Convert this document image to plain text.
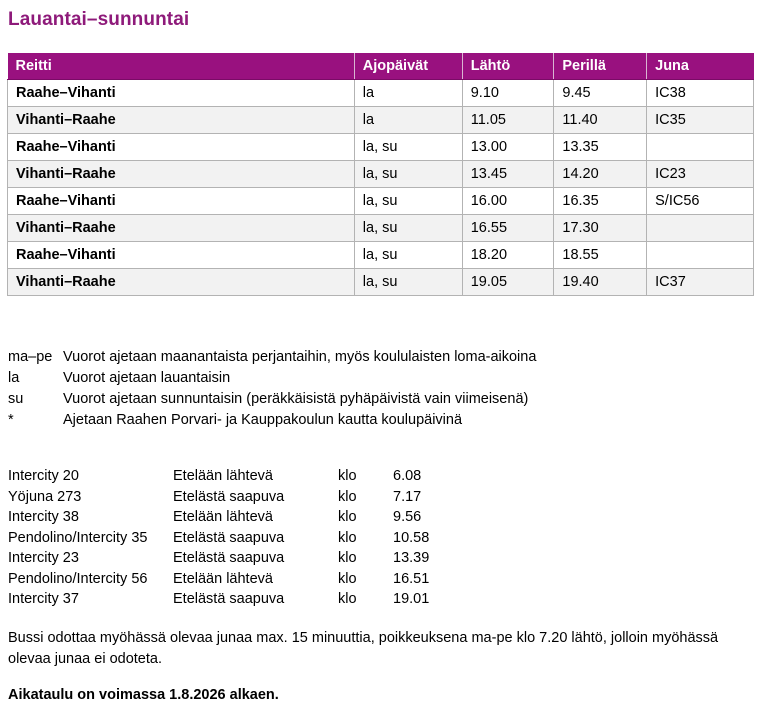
Lauantai–sunnuntai
Reitti	Ajopäivät	Lähtö	Perillä	Juna
Raahe–Vihanti	la	9.10	9.45	IC38
Vihanti–Raahe	la	11.05	11.40	IC35
Raahe–Vihanti	la, su	13.00	13.35	
Vihanti–Raahe	la, su	13.45	14.20	IC23
Raahe–Vihanti	la, su	16.00	16.35	S/IC56
Vihanti–Raahe	la, su	16.55	17.30	
Raahe–Vihanti	la, su	18.20	18.55	
Vihanti–Raahe	la, su	19.05	19.40	IC37
ma–pe Vuorot ajetaan maanantaista perjantaihin, myös koululaisten loma-aikoina
la	Vuorot ajetaan lauantaisin
su	Vuorot ajetaan sunnuntaisin (peräkkäisistä pyhäpäivistä vain viimeisenä)
*	Ajetaan Raahen Porvari- ja Kauppakoulun kautta koulupäivinä
Intercity 20	Etelään lähtevä	klo	6.08
Yöjuna 273	Etelästä saapuva	klo	7.17
Intercity 38	Etelään lähtevä	klo	9.56
Pendolino/Intercity 35	Etelästä saapuva	klo	10.58
Intercity 23	Etelästä saapuva	klo	13.39
Pendolino/Intercity 56	Etelään lähtevä	klo	16.51
Intercity 37	Etelästä saapuva	klo	19.01
Bussi odottaa myöhässä olevaa junaa max. 15 minuuttia, poikkeuksena ma-pe klo 7.20 lähtö, jolloin myöhässä olevaa junaa ei odoteta.
Aikataulu on voimassa 1.8.2026 alkaen.
